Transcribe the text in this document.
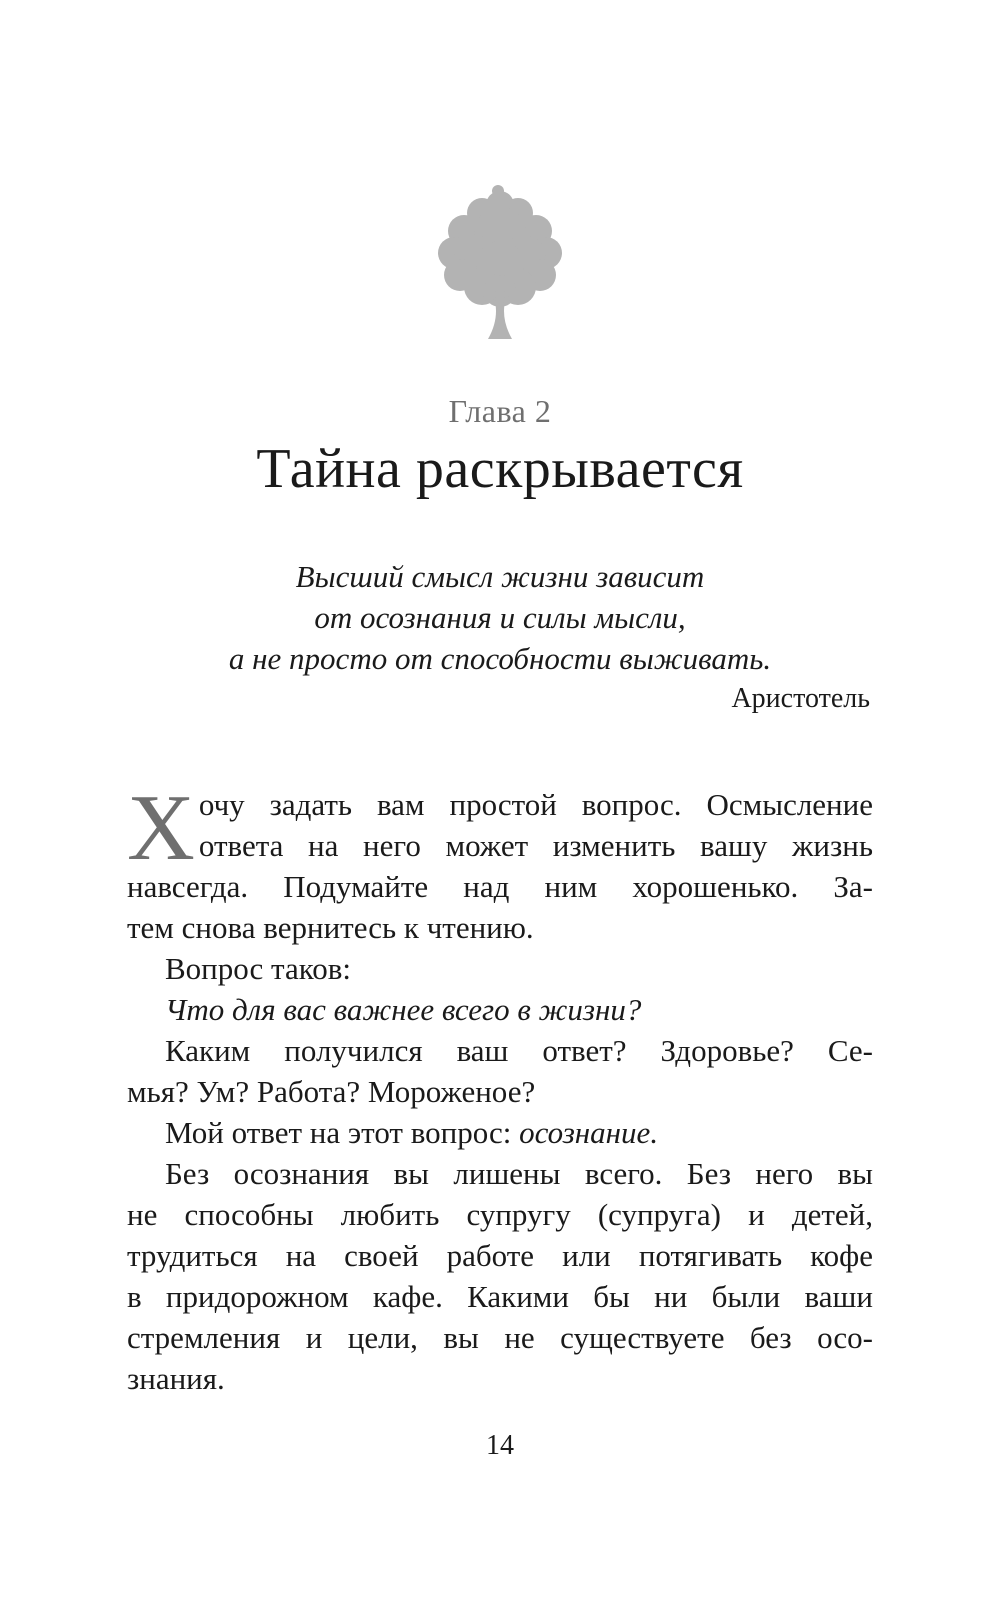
Глава 2
Тайна раскрывается
Высший смысл жизни зависит
от осознания и силы мысли,
а не просто от способности выживать.
Аристотель
Х очу задать вам простой вопрос. Осмысление
ответа на него может изменить вашу жизнь
навсегда. Подумайте над ним хорошенько. За-
тем снова вернитесь к чтению.
Вопрос таков:
Что для вас важнее всего в жизни?
Каким получился ваш ответ? Здоровье? Се-
мья? Ум? Работа? Мороженое?
Мой ответ на этот вопрос: осознание.
Без осознания вы лишены всего. Без него вы
не способны любить супругу (супруга) и детей,
трудиться на своей работе или потягивать кофе
в придорожном кафе. Какими бы ни были ваши
стремления и цели, вы не существуете без осо-
знания.
14
